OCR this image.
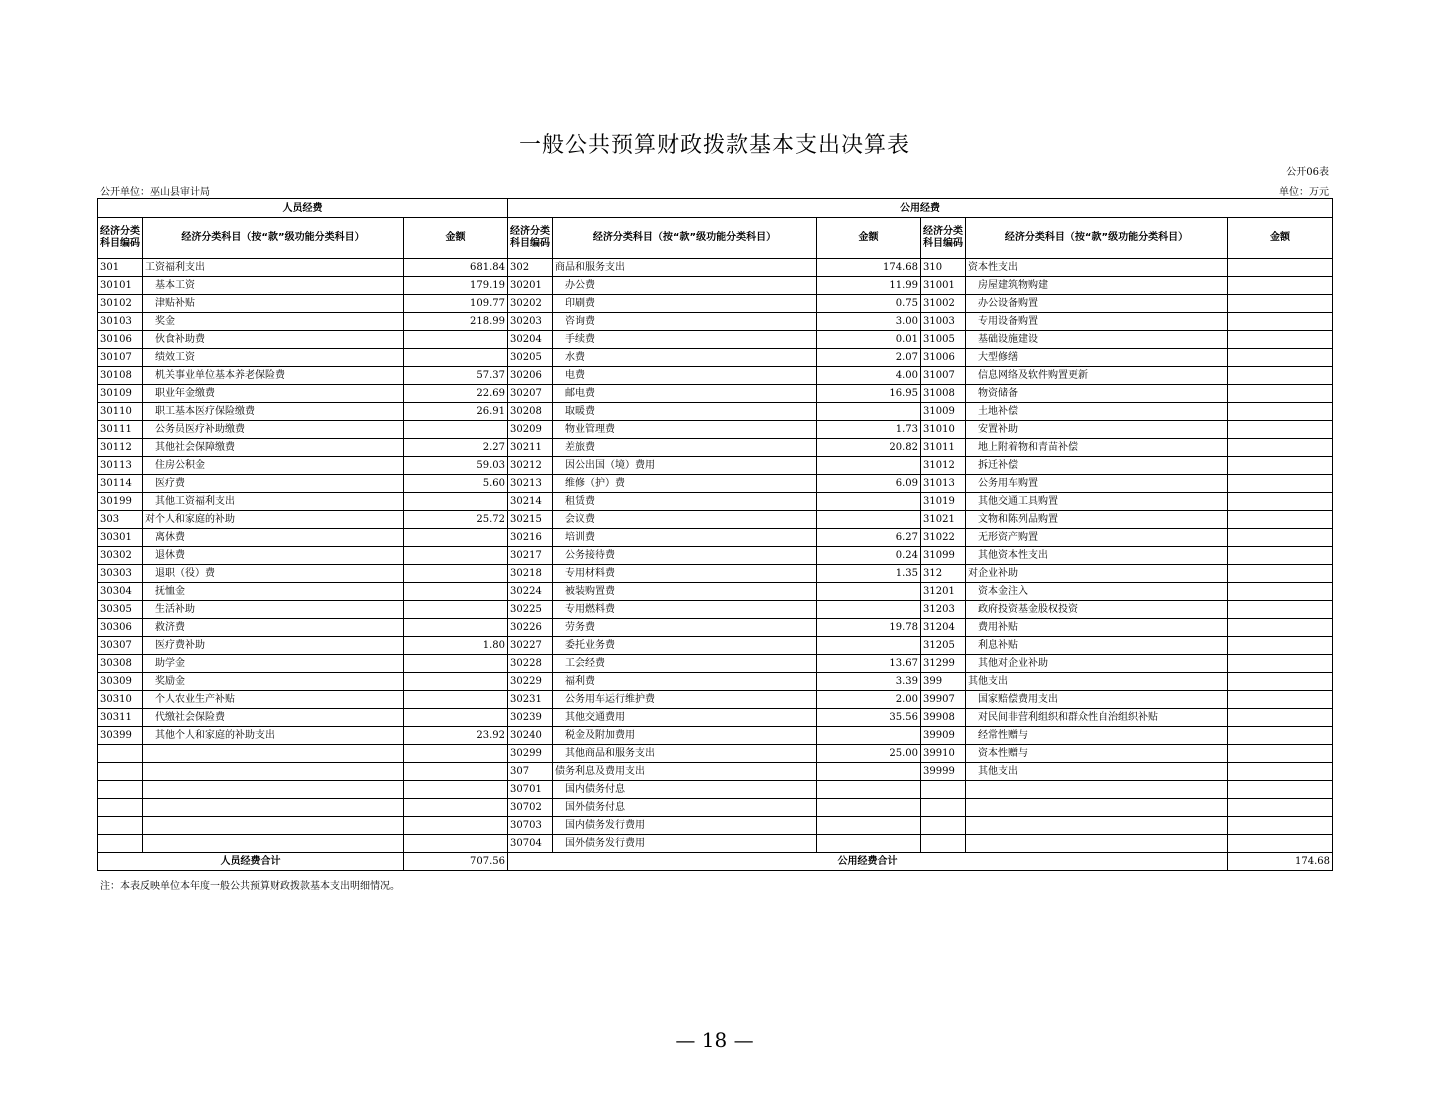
一般公共预算财政拨款基本支出决算表
公开06表
公开单位：巫山县审计局	单位：万元
人员经费			公用经费					
经济分类科目编码	经济分类科目（按“款”级功能分类科目）	金额	经济分类科目编码	经济分类科目（按“款”级功能分类科目）	金额	经济分类科目编码	经济分类科目（按“款”级功能分类科目）	金额
301	工资福利支出	681.84	302	商品和服务支出	174.68	310	资本性支出	
30101	基本工资	179.19	30201	办公费	11.99	31001	房屋建筑物购建	
30102	津贴补贴	109.77	30202	印刷费	0.75	31002	办公设备购置	
30103	奖金	218.99	30203	咨询费	3.00	31003	专用设备购置	
30106	伙食补助费		30204	手续费	0.01	31005	基础设施建设	
30107	绩效工资		30205	水费	2.07	31006	大型修缮	
30108	机关事业单位基本养老保险费	57.37	30206	电费	4.00	31007	信息网络及软件购置更新	
30109	职业年金缴费	22.69	30207	邮电费	16.95	31008	物资储备	
30110	职工基本医疗保险缴费	26.91	30208	取暖费		31009	土地补偿	
30111	公务员医疗补助缴费		30209	物业管理费	1.73	31010	安置补助	
30112	其他社会保障缴费	2.27	30211	差旅费	20.82	31011	地上附着物和青苗补偿	
30113	住房公积金	59.03	30212	因公出国（境）费用		31012	拆迁补偿	
30114	医疗费	5.60	30213	维修（护）费	6.09	31013	公务用车购置	
30199	其他工资福利支出		30214	租赁费		31019	其他交通工具购置	
303	对个人和家庭的补助	25.72	30215	会议费		31021	文物和陈列品购置	
30301	离休费		30216	培训费	6.27	31022	无形资产购置	
30302	退休费		30217	公务接待费	0.24	31099	其他资本性支出	
30303	退职（役）费		30218	专用材料费	1.35	312	对企业补助	
30304	抚恤金		30224	被装购置费		31201	资本金注入	
30305	生活补助		30225	专用燃料费		31203	政府投资基金股权投资	
30306	救济费		30226	劳务费	19.78	31204	费用补贴	
30307	医疗费补助	1.80	30227	委托业务费		31205	利息补贴	
30308	助学金		30228	工会经费	13.67	31299	其他对企业补助	
30309	奖励金		30229	福利费	3.39	399	其他支出	
30310	个人农业生产补贴		30231	公务用车运行维护费	2.00	39907	国家赔偿费用支出	
30311	代缴社会保险费		30239	其他交通费用	35.56	39908	对民间非营利组织和群众性自治组织补贴	
30399	其他个人和家庭的补助支出	23.92	30240	税金及附加费用		39909	经常性赠与	
			30299	其他商品和服务支出	25.00	39910	资本性赠与	
			307	债务利息及费用支出		39999	其他支出	
			30701	国内债务付息				
			30702	国外债务付息				
			30703	国内债务发行费用				
			30704	国外债务发行费用				
人员经费合计		707.56	公用经费合计					174.68
注：本表反映单位本年度一般公共预算财政拨款基本支出明细情况。
— 18 —
